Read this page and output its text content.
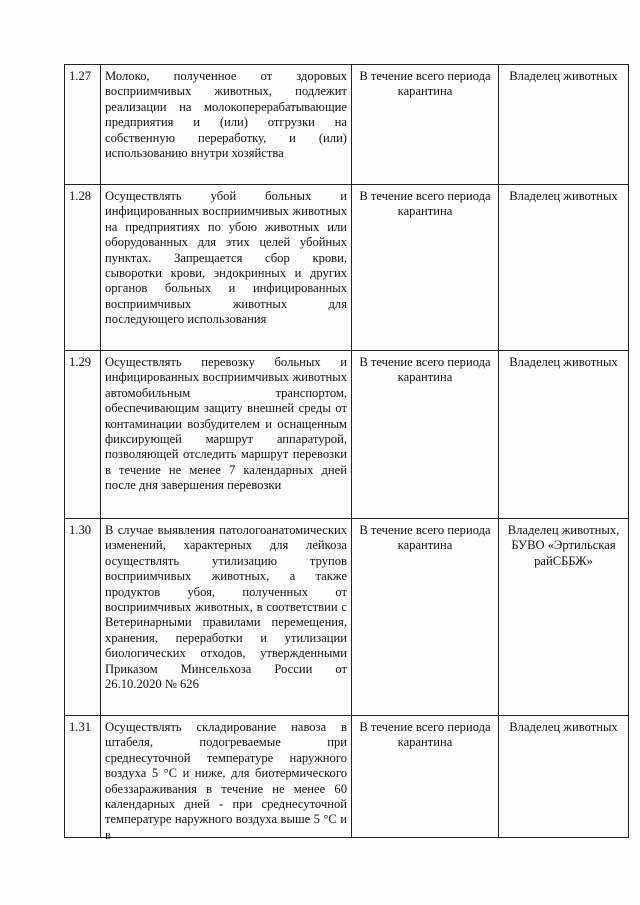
1.27	Молоко, полученное от здоровых восприимчивых животных, подлежит реализации на молокоперерабатывающие предприятия и (или) отгрузки на собственную переработку, и (или) использованию внутри хозяйства	В течение всего периода карантина	Владелец животных
1.28	Осуществлять убой больных и инфицированных восприимчивых животных на предприятиях по убою животных или оборудованных для этих целей убойных пунктах. Запрещается сбор крови, сыворотки крови, эндокринных и других органов больных и инфицированных восприимчивых животных для последующего использования	В течение всего периода карантина	Владелец животных
1.29	Осуществлять перевозку больных и инфицированных восприимчивых животных автомобильным транспортом, обеспечивающим защиту внешней среды от контаминации возбудителем и оснащенным фиксирующей маршрут аппаратурой, позволяющей отследить маршрут перевозки в течение не менее 7 календарных дней после дня завершения перевозки	В течение всего периода карантина	Владелец животных
1.30	В случае выявления патологоанатомических изменений, характерных для лейкоза осуществлять утилизацию трупов восприимчивых животных, а также продуктов убоя, полученных от восприимчивых животных, в соответствии с Ветеринарными правилами перемещения, хранения, переработки и утилизации биологических отходов, утвержденными Приказом Минсельхоза России от 26.10.2020 № 626	В течение всего периода карантина	Владелец животных, БУВО «Эртильская райСББЖ»
1.31	Осуществлять складирование навоза в штабеля, подогреваемые при среднесуточной температуре наружного воздуха 5 °С и ниже, для биотермического обеззараживания в течение не менее 60 календарных дней - при среднесуточной температуре наружного воздуха выше 5 °С и в	В течение всего периода карантина	Владелец животных
